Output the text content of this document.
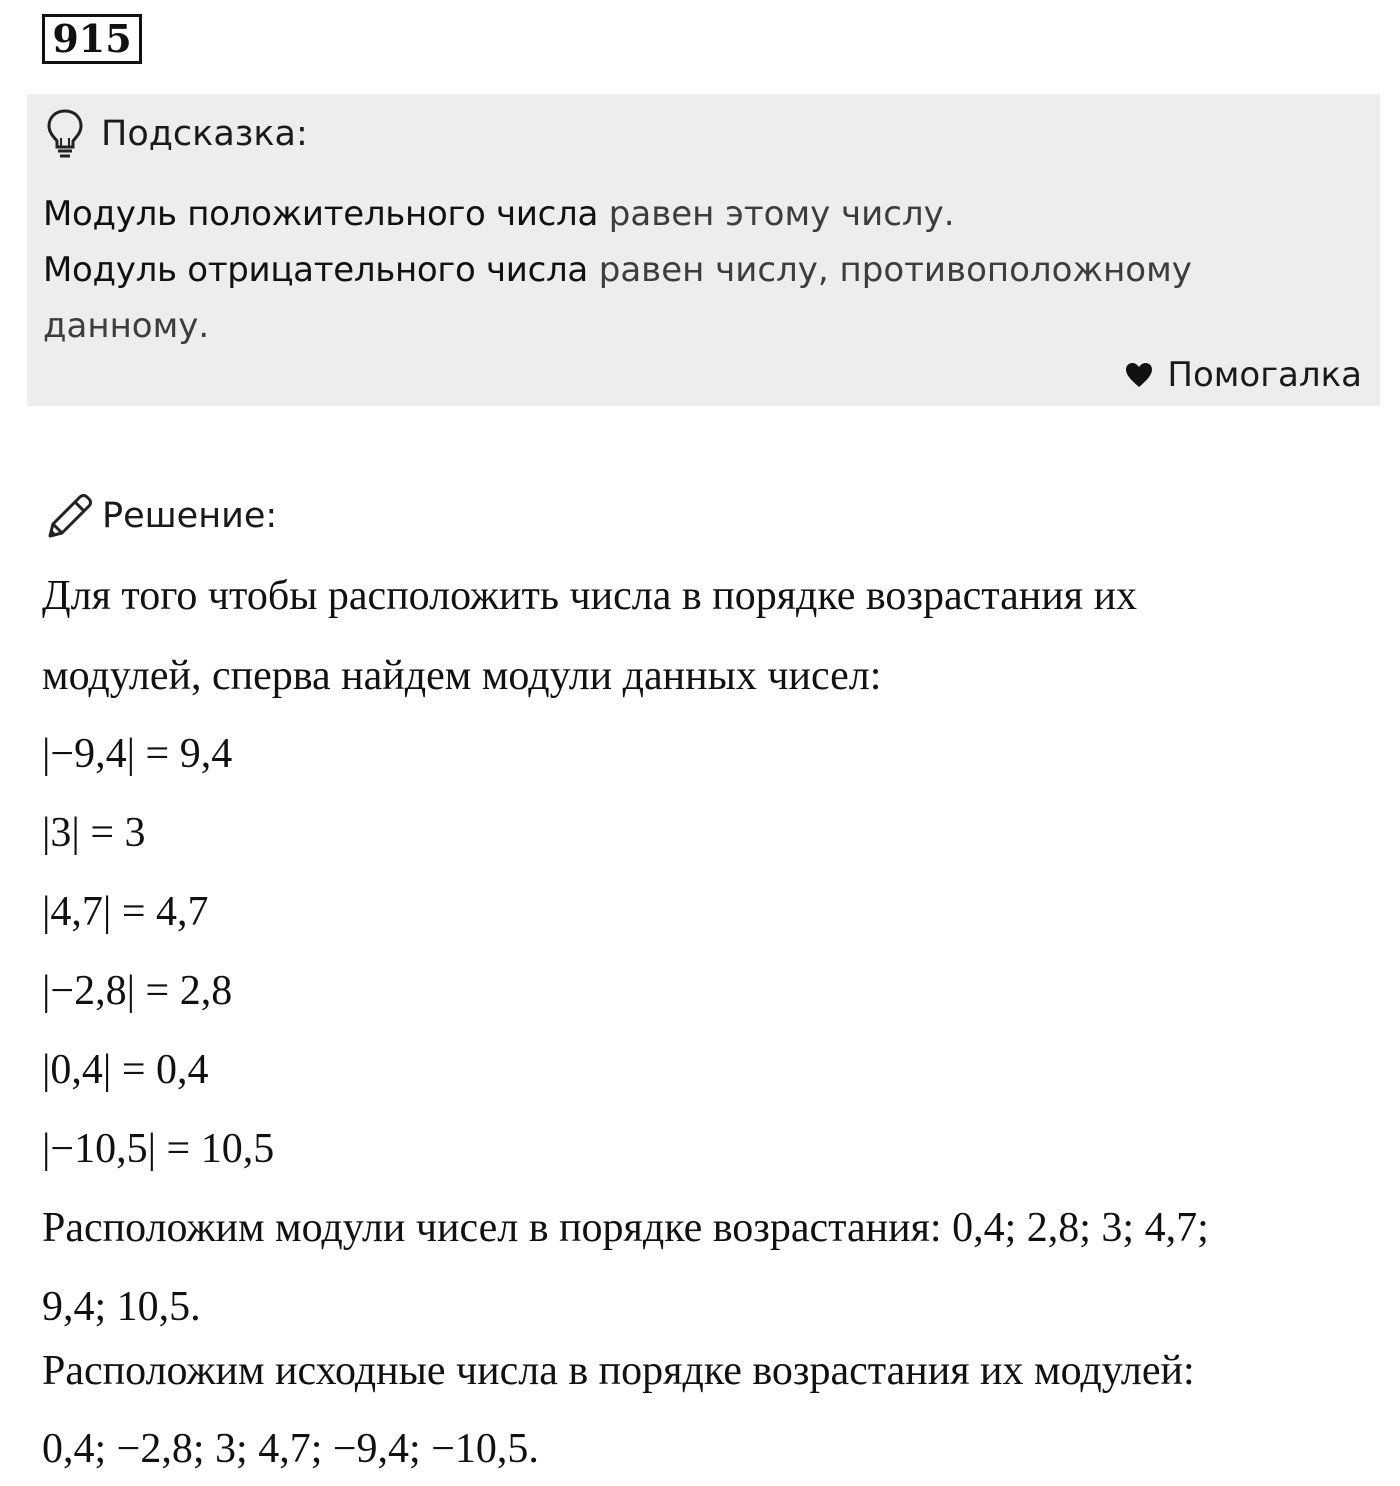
915
Подсказка:
Модуль положительного числа равен этому числу.
Модуль отрицательного числа равен числу, противоположному
данному.
Помогалка
Решение:
Для того чтобы расположить числа в порядке возрастания их
модулей, сперва найдем модули данных чисел:
|−9,4| = 9,4
|3| = 3
|4,7| = 4,7
|−2,8| = 2,8
|0,4| = 0,4
|−10,5| = 10,5
Расположим модули чисел в порядке возрастания: 0,4; 2,8; 3; 4,7;
9,4; 10,5.
Расположим исходные числа в порядке возрастания их модулей:
0,4; −2,8; 3; 4,7; −9,4; −10,5.
